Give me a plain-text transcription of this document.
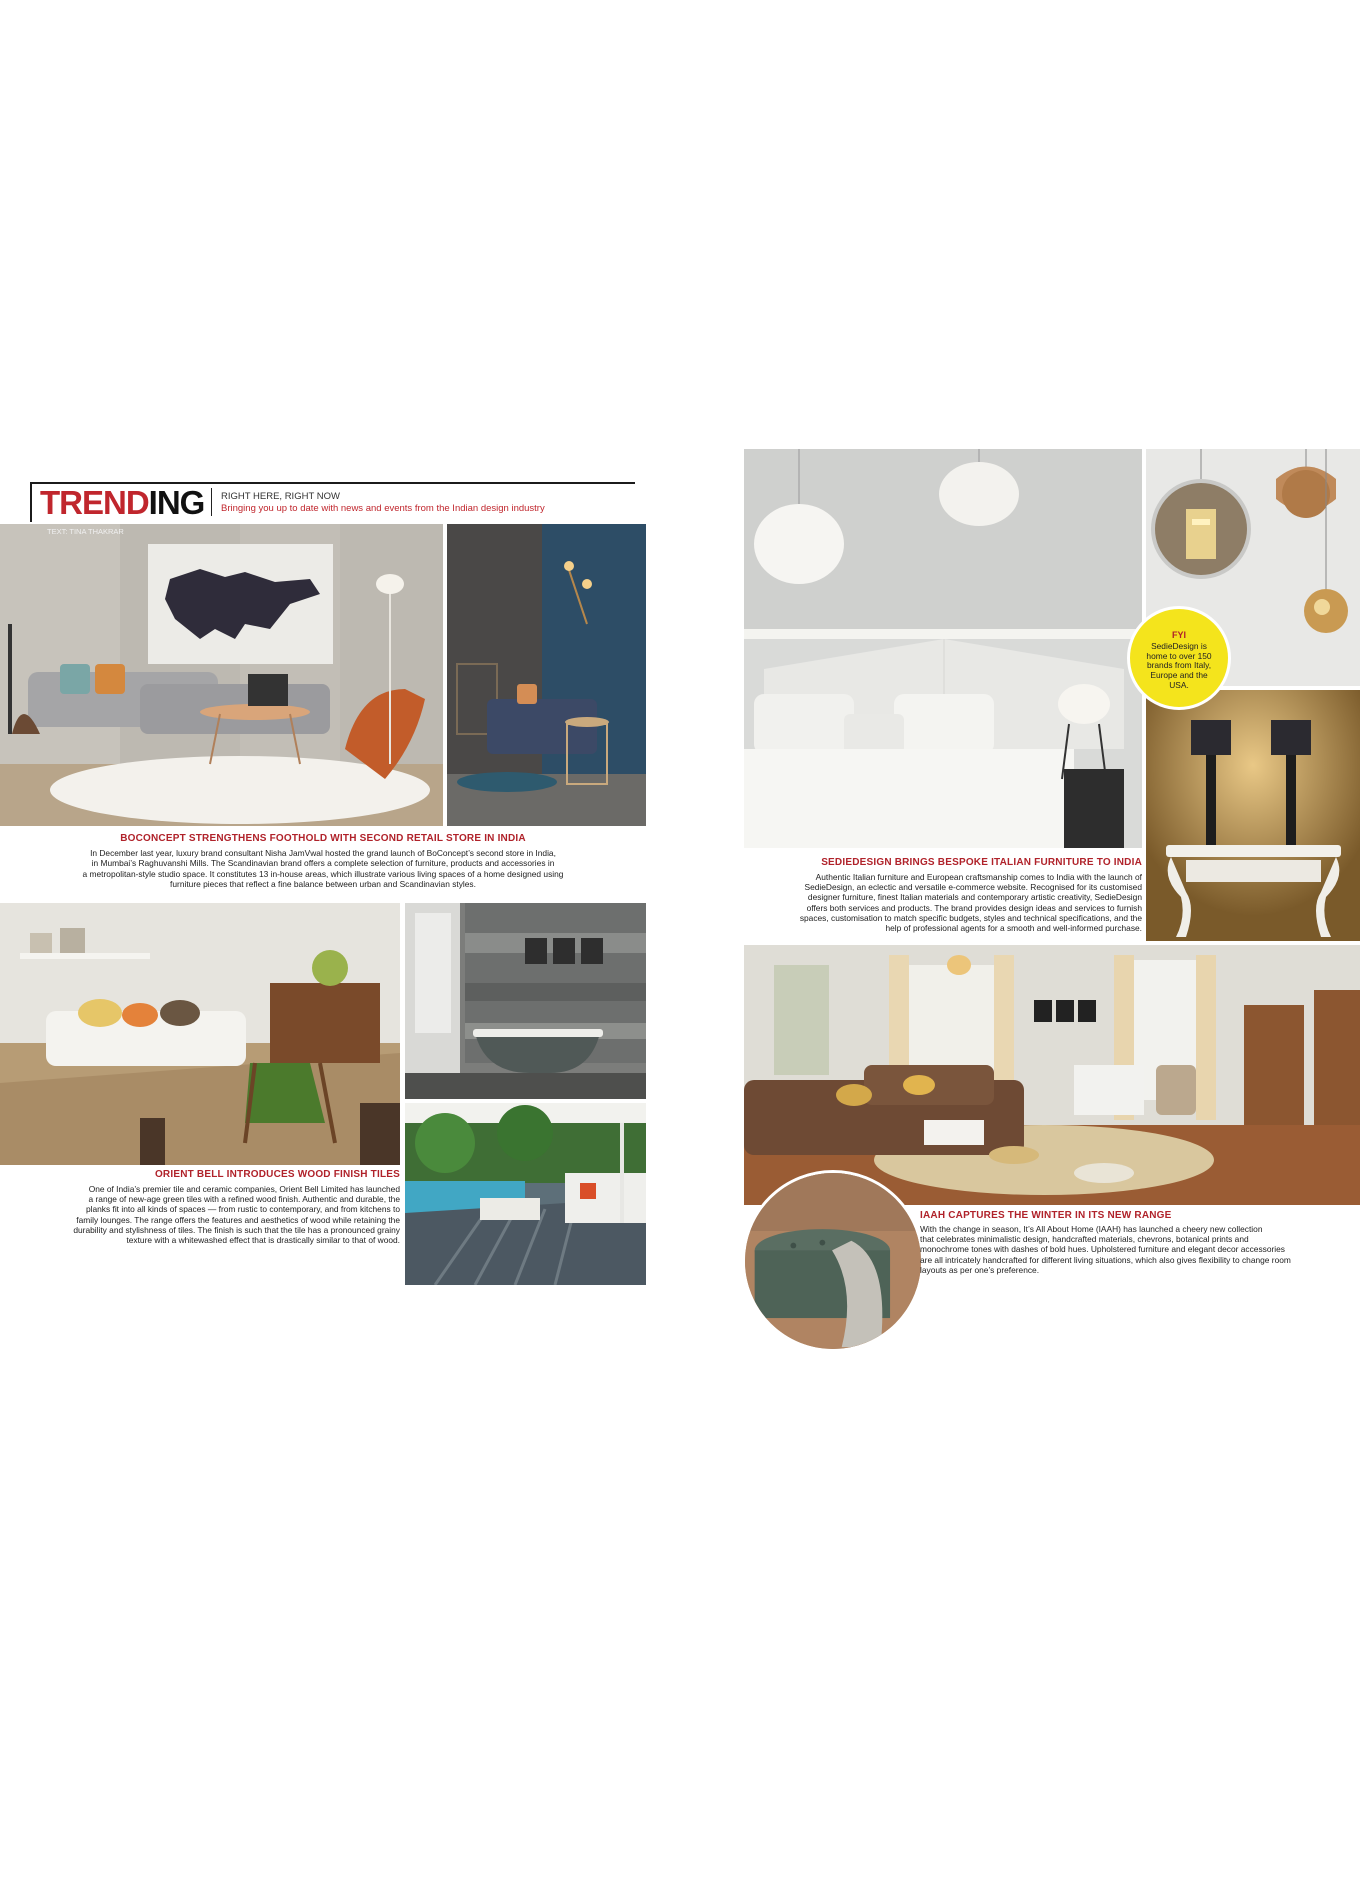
TRENDING RIGHT HERE, RIGHT NOW
Bringing you up to date with news and events from the Indian design industry
TEXT: TINA THAKRAR
BOCONCEPT STRENGTHENS FOOTHOLD WITH SECOND RETAIL STORE IN INDIA
In December last year, luxury brand consultant Nisha JamVwal hosted the grand launch of BoConcept’s second store in India,
in Mumbai’s Raghuvanshi Mills. The Scandinavian brand offers a complete selection of furniture, products and accessories in
a metropolitan-style studio space. It constitutes 13 in-house areas, which illustrate various living spaces of a home designed using
furniture pieces that reflect a fine balance between urban and Scandinavian styles.
ORIENT BELL INTRODUCES WOOD FINISH TILES
One of India’s premier tile and ceramic companies, Orient Bell Limited has launched
a range of new-age green tiles with a refined wood finish. Authentic and durable, the
planks fit into all kinds of spaces — from rustic to contemporary, and from kitchens to
family lounges. The range offers the features and aesthetics of wood while retaining the
durability and stylishness of tiles. The finish is such that the tile has a pronounced grainy
texture with a whitewashed effect that is drastically similar to that of wood.
FYI
SedieDesign is
home to over 150
brands from Italy,
Europe and the
USA.
SEDIEDESIGN BRINGS BESPOKE ITALIAN FURNITURE TO INDIA
Authentic Italian furniture and European craftsmanship comes to India with the launch of
SedieDesign, an eclectic and versatile e-commerce website. Recognised for its customised
designer furniture, finest Italian materials and contemporary artistic creativity, SedieDesign
offers both services and products. The brand provides design ideas and services to furnish
spaces, customisation to match specific budgets, styles and technical specifications, and the
help of professional agents for a smooth and well-informed purchase.
IAAH CAPTURES THE WINTER IN ITS NEW RANGE
With the change in season, It’s All About Home (IAAH) has launched a cheery new collection
that celebrates minimalistic design, handcrafted materials, chevrons, botanical prints and
monochrome tones with dashes of bold hues. Upholstered furniture and elegant decor accessories
are all intricately handcrafted for different living situations, which also gives flexibility to change room
layouts as per one’s preference.
